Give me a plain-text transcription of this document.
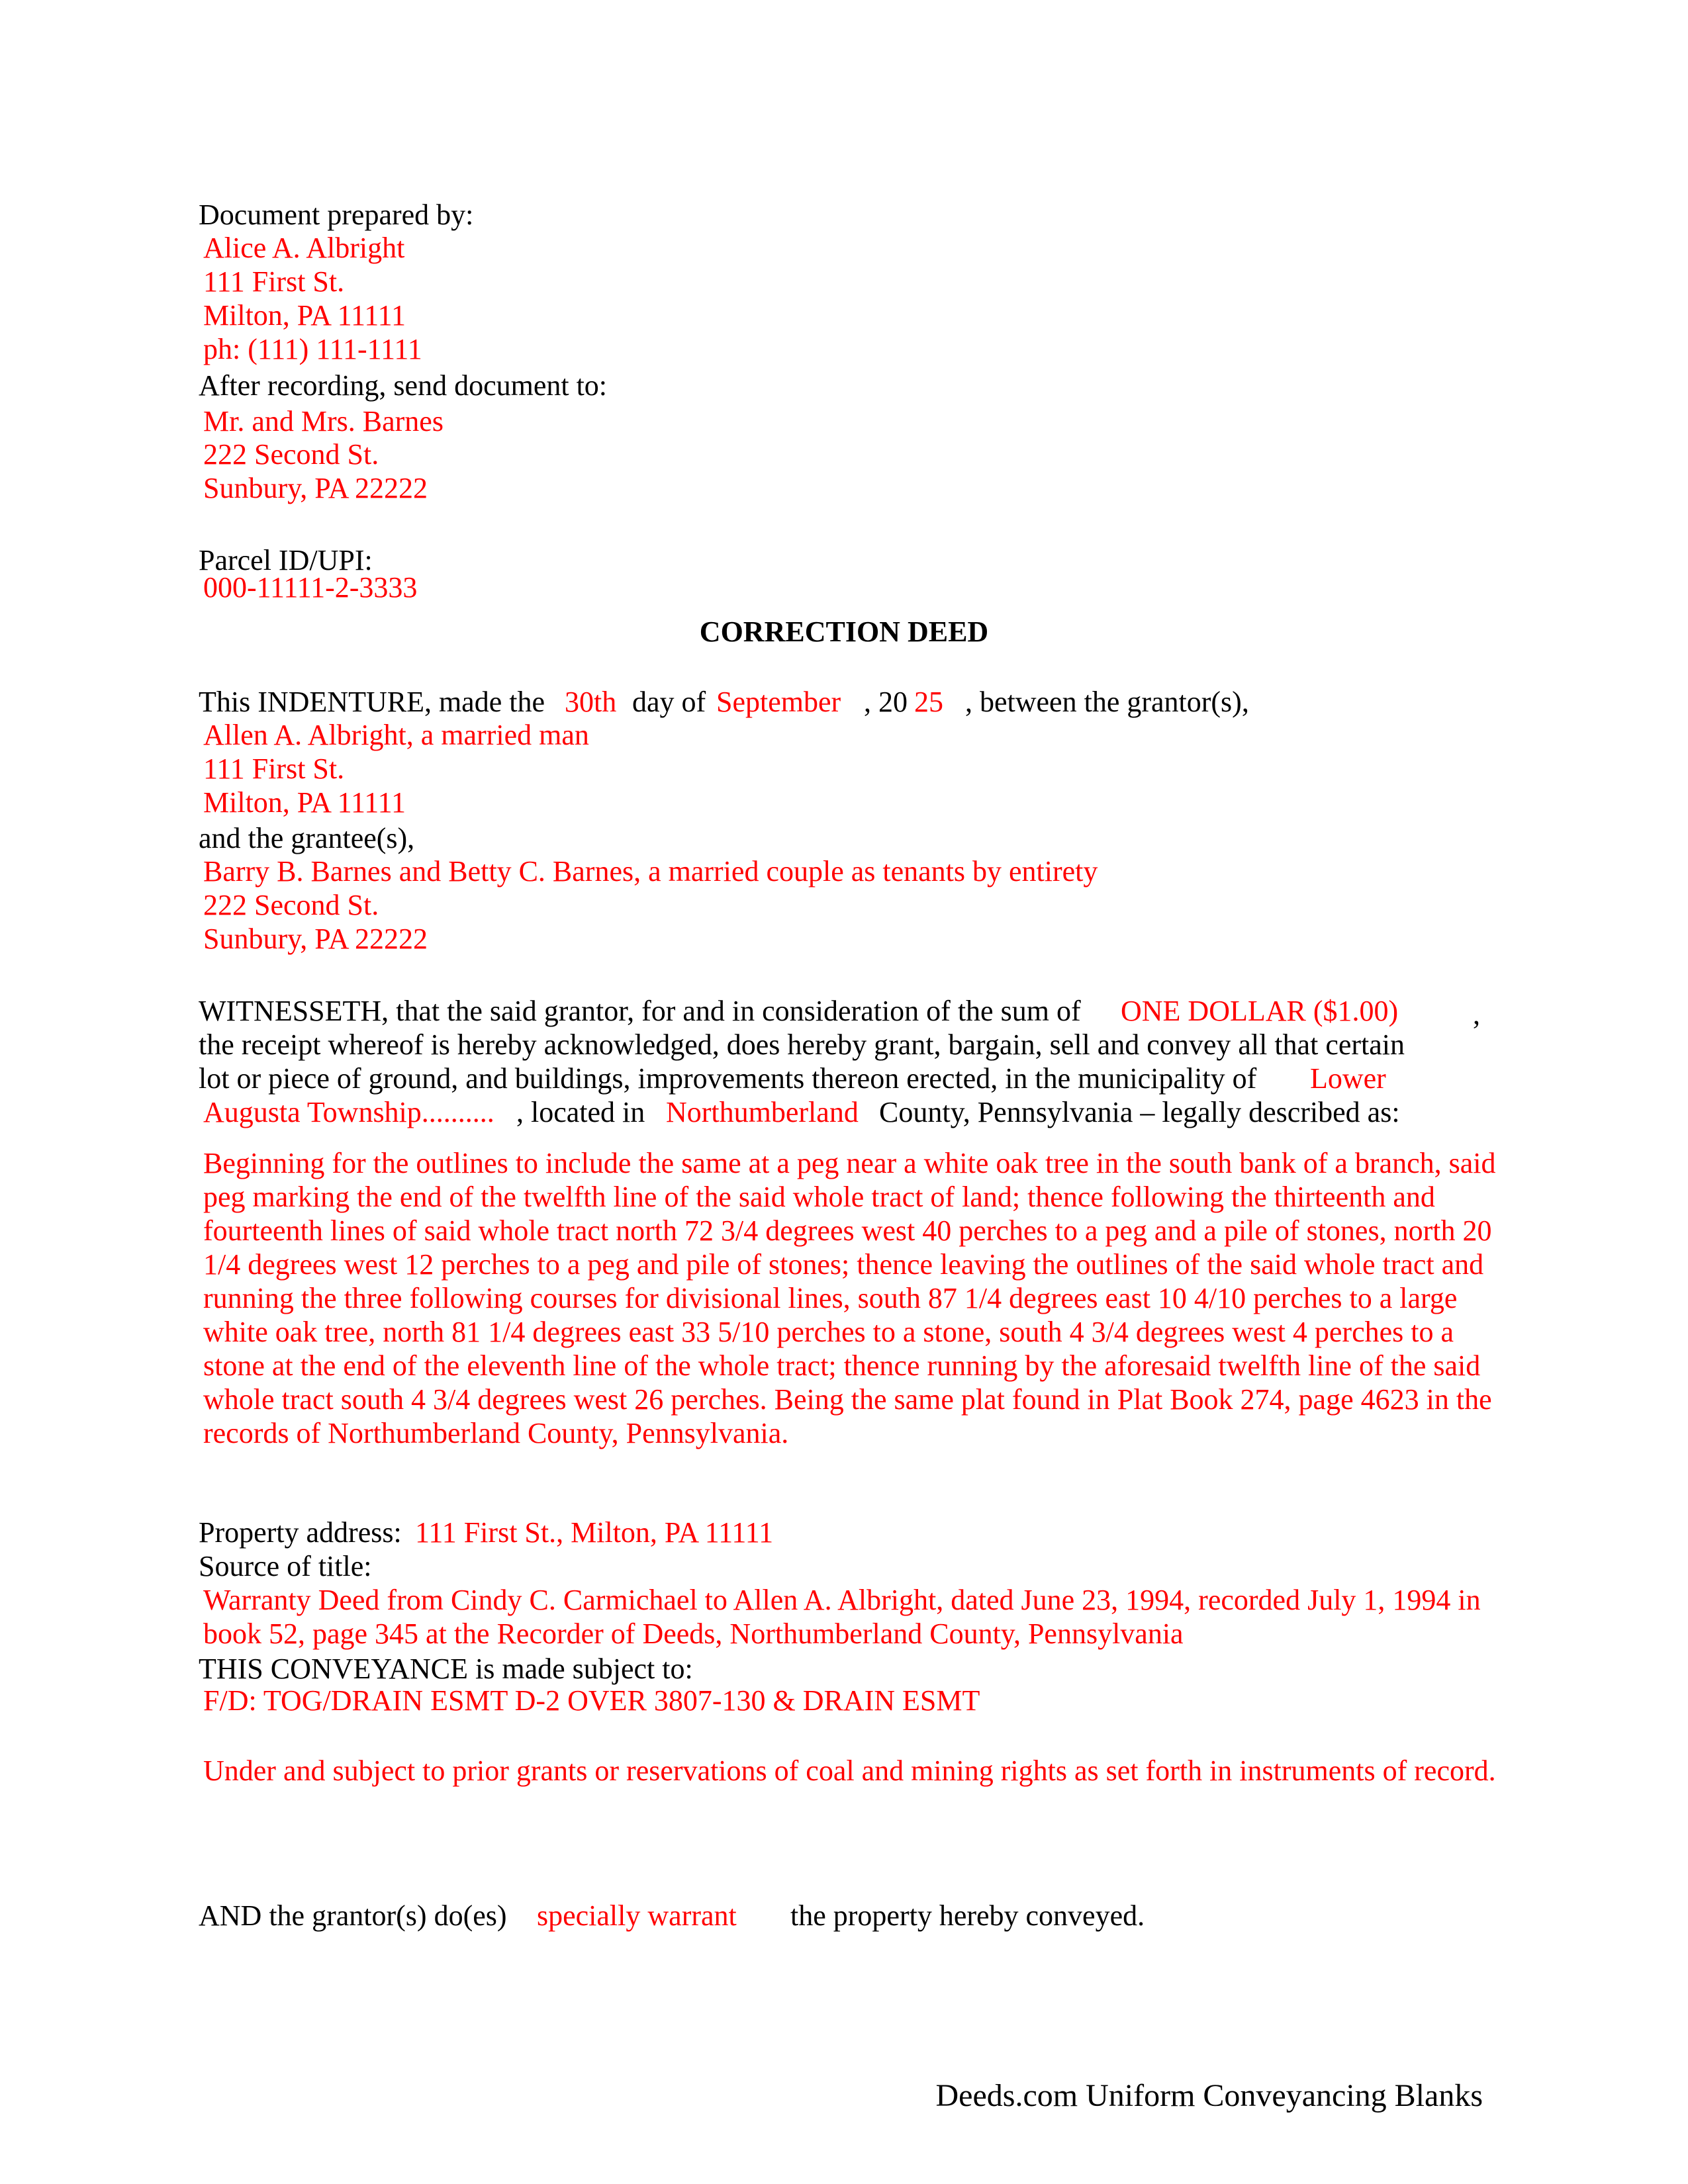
Document prepared by:
Alice A. Albright
111 First St.
Milton, PA 11111
ph: (111) 111-1111
After recording, send document to:
Mr. and Mrs. Barnes
222 Second St.
Sunbury, PA 22222
Parcel ID/UPI:
000-11111-2-3333
CORRECTION DEED
This INDENTURE, made the 30th day of September , 20 25 , between the grantor(s),
Allen A. Albright, a married man
111 First St.
Milton, PA 11111
and the grantee(s),
Barry B. Barnes and Betty C. Barnes, a married couple as tenants by entirety
222 Second St.
Sunbury, PA 22222
WITNESSETH, that the said grantor, for and in consideration of the sum of ONE DOLLAR ($1.00)	,
the receipt whereof is hereby acknowledged, does hereby grant, bargain, sell and convey all that certain
lot or piece of ground, and buildings, improvements thereon erected, in the municipality of Lower
Augusta Township.......... , located in Northumberland County, Pennsylvania – legally described as:
Beginning for the outlines to include the same at a peg near a white oak tree in the south bank of a branch, said peg marking the end of the twelfth line of the said whole tract of land; thence following the thirteenth and fourteenth lines of said whole tract north 72 3/4 degrees west 40 perches to a peg and a pile of stones, north 20 1/4 degrees west 12 perches to a peg and pile of stones; thence leaving the outlines of the said whole tract and running the three following courses for divisional lines, south 87 1/4 degrees east 10 4/10 perches to a large white oak tree, north 81 1/4 degrees east 33 5/10 perches to a stone, south 4 3/4 degrees west 4 perches to a stone at the end of the eleventh line of the whole tract; thence running by the aforesaid twelfth line of the said whole tract south 4 3/4 degrees west 26 perches. Being the same plat found in Plat Book 274, page 4623 in the records of Northumberland County, Pennsylvania.
Property address: 111 First St., Milton, PA 11111
Source of title:
Warranty Deed from Cindy C. Carmichael to Allen A. Albright, dated June 23, 1994, recorded July 1, 1994 in book 52, page 345 at the Recorder of Deeds, Northumberland County, Pennsylvania
THIS CONVEYANCE is made subject to:
F/D: TOG/DRAIN ESMT D-2 OVER 3807-130 & DRAIN ESMT
Under and subject to prior grants or reservations of coal and mining rights as set forth in instruments of record.
AND the grantor(s) do(es) specially warrant the property hereby conveyed.
Deeds.com Uniform Conveyancing Blanks
